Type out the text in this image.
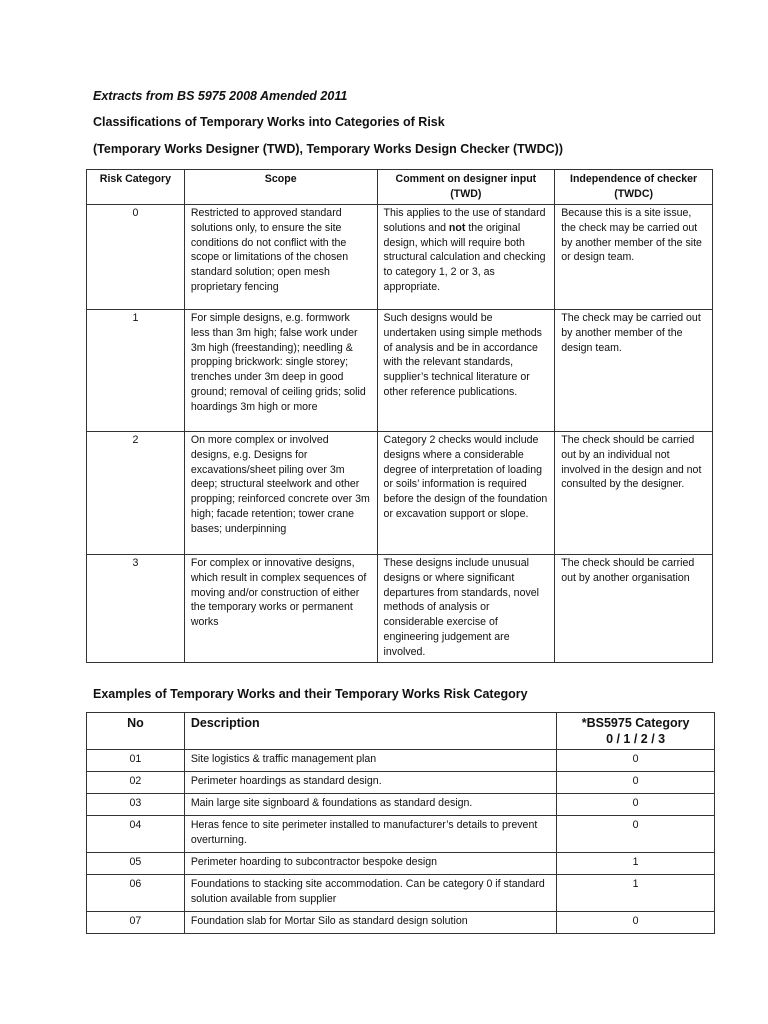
Extracts from BS 5975 2008 Amended 2011
Classifications of Temporary Works into Categories of Risk
(Temporary Works Designer (TWD), Temporary Works Design Checker (TWDC))
Risk Category	Scope	Comment on designer input (TWD)	Independence of checker (TWDC)
0	Restricted to approved standard solutions only, to ensure the site conditions do not conflict with the scope or limitations of the chosen standard solution; open mesh proprietary fencing	This applies to the use of standard solutions and not the original design, which will require both structural calculation and checking to category 1, 2 or 3, as appropriate.	Because this is a site issue, the check may be carried out by another member of the site or design team.
1	For simple designs, e.g. formwork less than 3m high; false work under 3m high (freestanding); needling & propping brickwork: single storey; trenches under 3m deep in good ground; removal of ceiling grids; solid hoardings 3m high or more	Such designs would be undertaken using simple methods of analysis and be in accordance with the relevant standards, supplier’s technical literature or other reference publications.	The check may be carried out by another member of the design team.
2	On more complex or involved designs, e.g. Designs for excavations/sheet piling over 3m deep; structural steelwork and other propping; reinforced concrete over 3m high; facade retention; tower crane bases; underpinning	Category 2 checks would include designs where a considerable degree of interpretation of loading or soils’ information is required before the design of the foundation or excavation support or slope.	The check should be carried out by an individual not involved in the design and not consulted by the designer.
3	For complex or innovative designs, which result in complex sequences of moving and/or construction of either the temporary works or permanent works	These designs include unusual designs or where significant departures from standards, novel methods of analysis or considerable exercise of engineering judgement are involved.	The check should be carried out by another organisation
Examples of Temporary Works and their Temporary Works Risk Category
No	Description	*BS5975 Category
0 / 1 / 2 / 3

01	Site logistics & traffic management plan	0
02	Perimeter hoardings as standard design.	0
03	Main large site signboard & foundations as standard design.	0
04	Heras fence to site perimeter installed to manufacturer’s details to prevent overturning.	0
05	Perimeter hoarding to subcontractor bespoke design	1
06	Foundations to stacking site accommodation. Can be category 0 if standard solution available from supplier	1
07	Foundation slab for Mortar Silo as standard design solution	0
